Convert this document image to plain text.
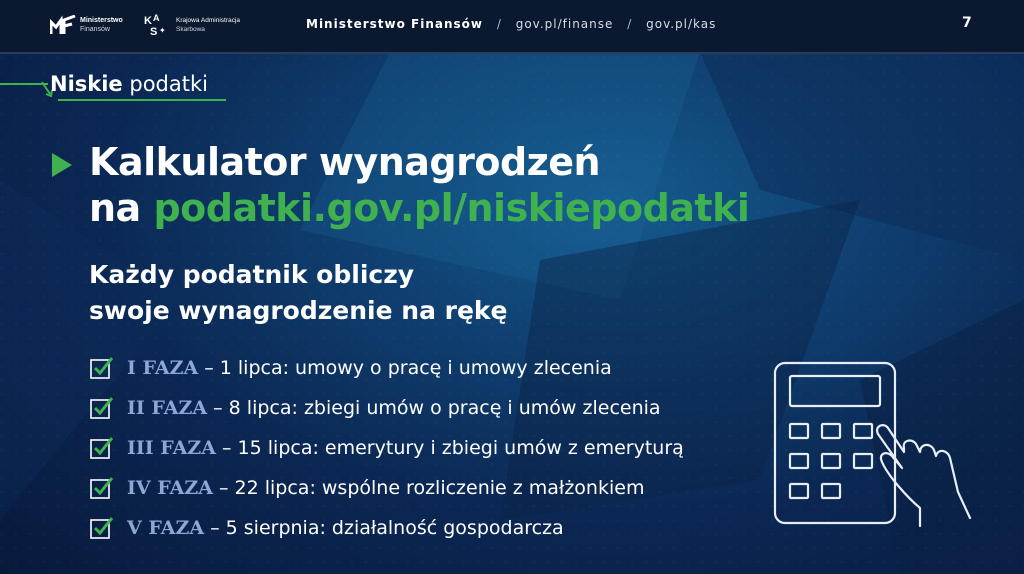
Ministerstwo
Finansów
K A
S ✦
Krajowa Administracja
Skarbowa	Ministerstwo Finansów / gov.pl/finanse / gov.pl/kas	7
Niskie podatki
Kalkulator wynagrodzeń
na podatki.gov.pl/niskiepodatki
Każdy podatnik obliczy
swoje wynagrodzenie na rękę
I FAZA – 1 lipca: umowy o pracę i umowy zlecenia
II FAZA – 8 lipca: zbiegi umów o pracę i umów zlecenia
III FAZA – 15 lipca: emerytury i zbiegi umów z emeryturą
IV FAZA – 22 lipca: wspólne rozliczenie z małżonkiem
V FAZA – 5 sierpnia: działalność gospodarcza
